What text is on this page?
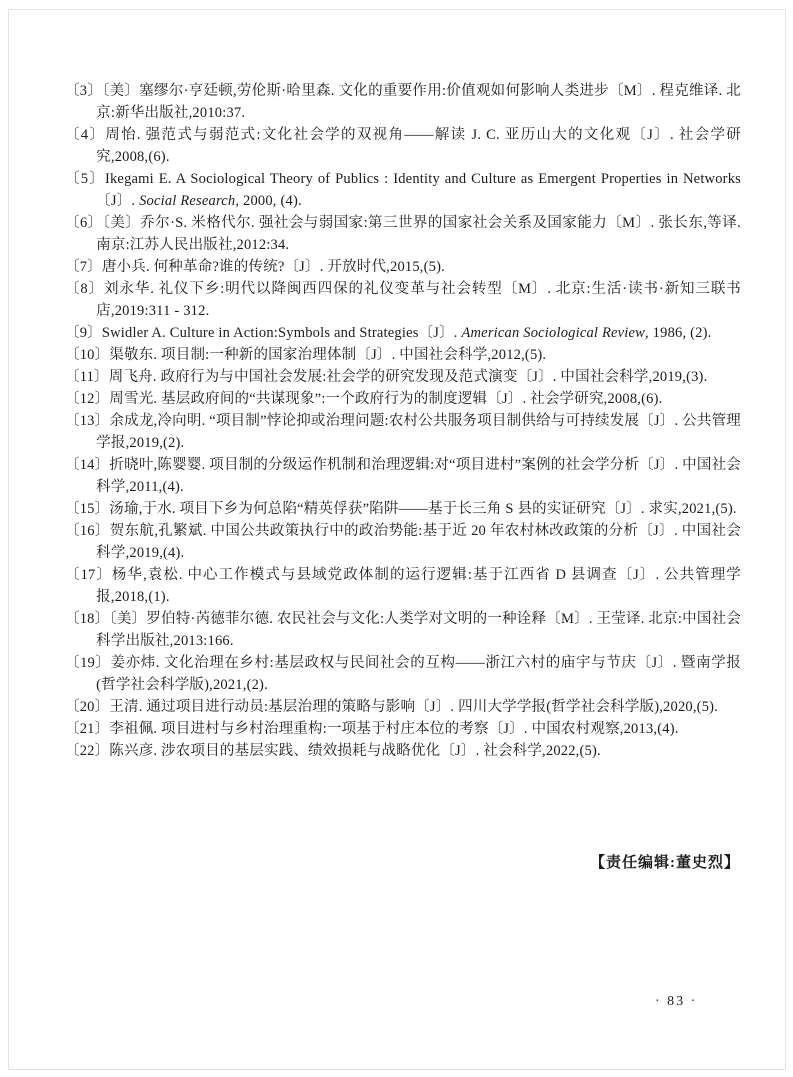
〔3〕〔美〕塞缪尔·亨廷顿,劳伦斯·哈里森. 文化的重要作用:价值观如何影响人类进步〔M〕. 程克维译. 北京:新华出版社,2010:37.

〔4〕周怡. 强范式与弱范式:文化社会学的双视角——解读 J. C. 亚历山大的文化观〔J〕. 社会学研究,2008,(6).

〔5〕Ikegami E. A Sociological Theory of Publics : Identity and Culture as Emergent Properties in Networks〔J〕. Social Research, 2000, (4).

〔6〕〔美〕乔尔·S. 米格代尔. 强社会与弱国家:第三世界的国家社会关系及国家能力〔M〕. 张长东,等译. 南京:江苏人民出版社,2012:34.

〔7〕唐小兵. 何种革命?谁的传统?〔J〕. 开放时代,2015,(5).

〔8〕刘永华. 礼仪下乡:明代以降闽西四保的礼仪变革与社会转型〔M〕. 北京:生活·读书·新知三联书店,2019:311 - 312.

〔9〕Swidler A. Culture in Action:Symbols and Strategies〔J〕. American Sociological Review, 1986, (2).

〔10〕渠敬东. 项目制:一种新的国家治理体制〔J〕. 中国社会科学,2012,(5).

〔11〕周飞舟. 政府行为与中国社会发展:社会学的研究发现及范式演变〔J〕. 中国社会科学,2019,(3).

〔12〕周雪光. 基层政府间的“共谋现象”:一个政府行为的制度逻辑〔J〕. 社会学研究,2008,(6).

〔13〕余成龙,冷向明. “项目制”悖论抑或治理问题:农村公共服务项目制供给与可持续发展〔J〕. 公共管理学报,2019,(2).

〔14〕折晓叶,陈婴婴. 项目制的分级运作机制和治理逻辑:对“项目进村”案例的社会学分析〔J〕. 中国社会科学,2011,(4).

〔15〕汤瑜,于水. 项目下乡为何总陷“精英俘获”陷阱——基于长三角 S 县的实证研究〔J〕. 求实,2021,(5).

〔16〕贺东航,孔繁斌. 中国公共政策执行中的政治势能:基于近 20 年农村林改政策的分析〔J〕. 中国社会科学,2019,(4).

〔17〕杨华,袁松. 中心工作模式与县域党政体制的运行逻辑:基于江西省 D 县调查〔J〕. 公共管理学报,2018,(1).

〔18〕〔美〕罗伯特·芮德菲尔德. 农民社会与文化:人类学对文明的一种诠释〔M〕. 王莹译. 北京:中国社会科学出版社,2013:166.

〔19〕姜亦炜. 文化治理在乡村:基层政权与民间社会的互构——浙江六村的庙宇与节庆〔J〕. 暨南学报(哲学社会科学版),2021,(2).

〔20〕王清. 通过项目进行动员:基层治理的策略与影响〔J〕. 四川大学学报(哲学社会科学版),2020,(5).

〔21〕李祖佩. 项目进村与乡村治理重构:一项基于村庄本位的考察〔J〕. 中国农村观察,2013,(4).

〔22〕陈兴彦. 涉农项目的基层实践、绩效损耗与战略优化〔J〕. 社会科学,2022,(5).

【责任编辑:董史烈】
· 83 ·
